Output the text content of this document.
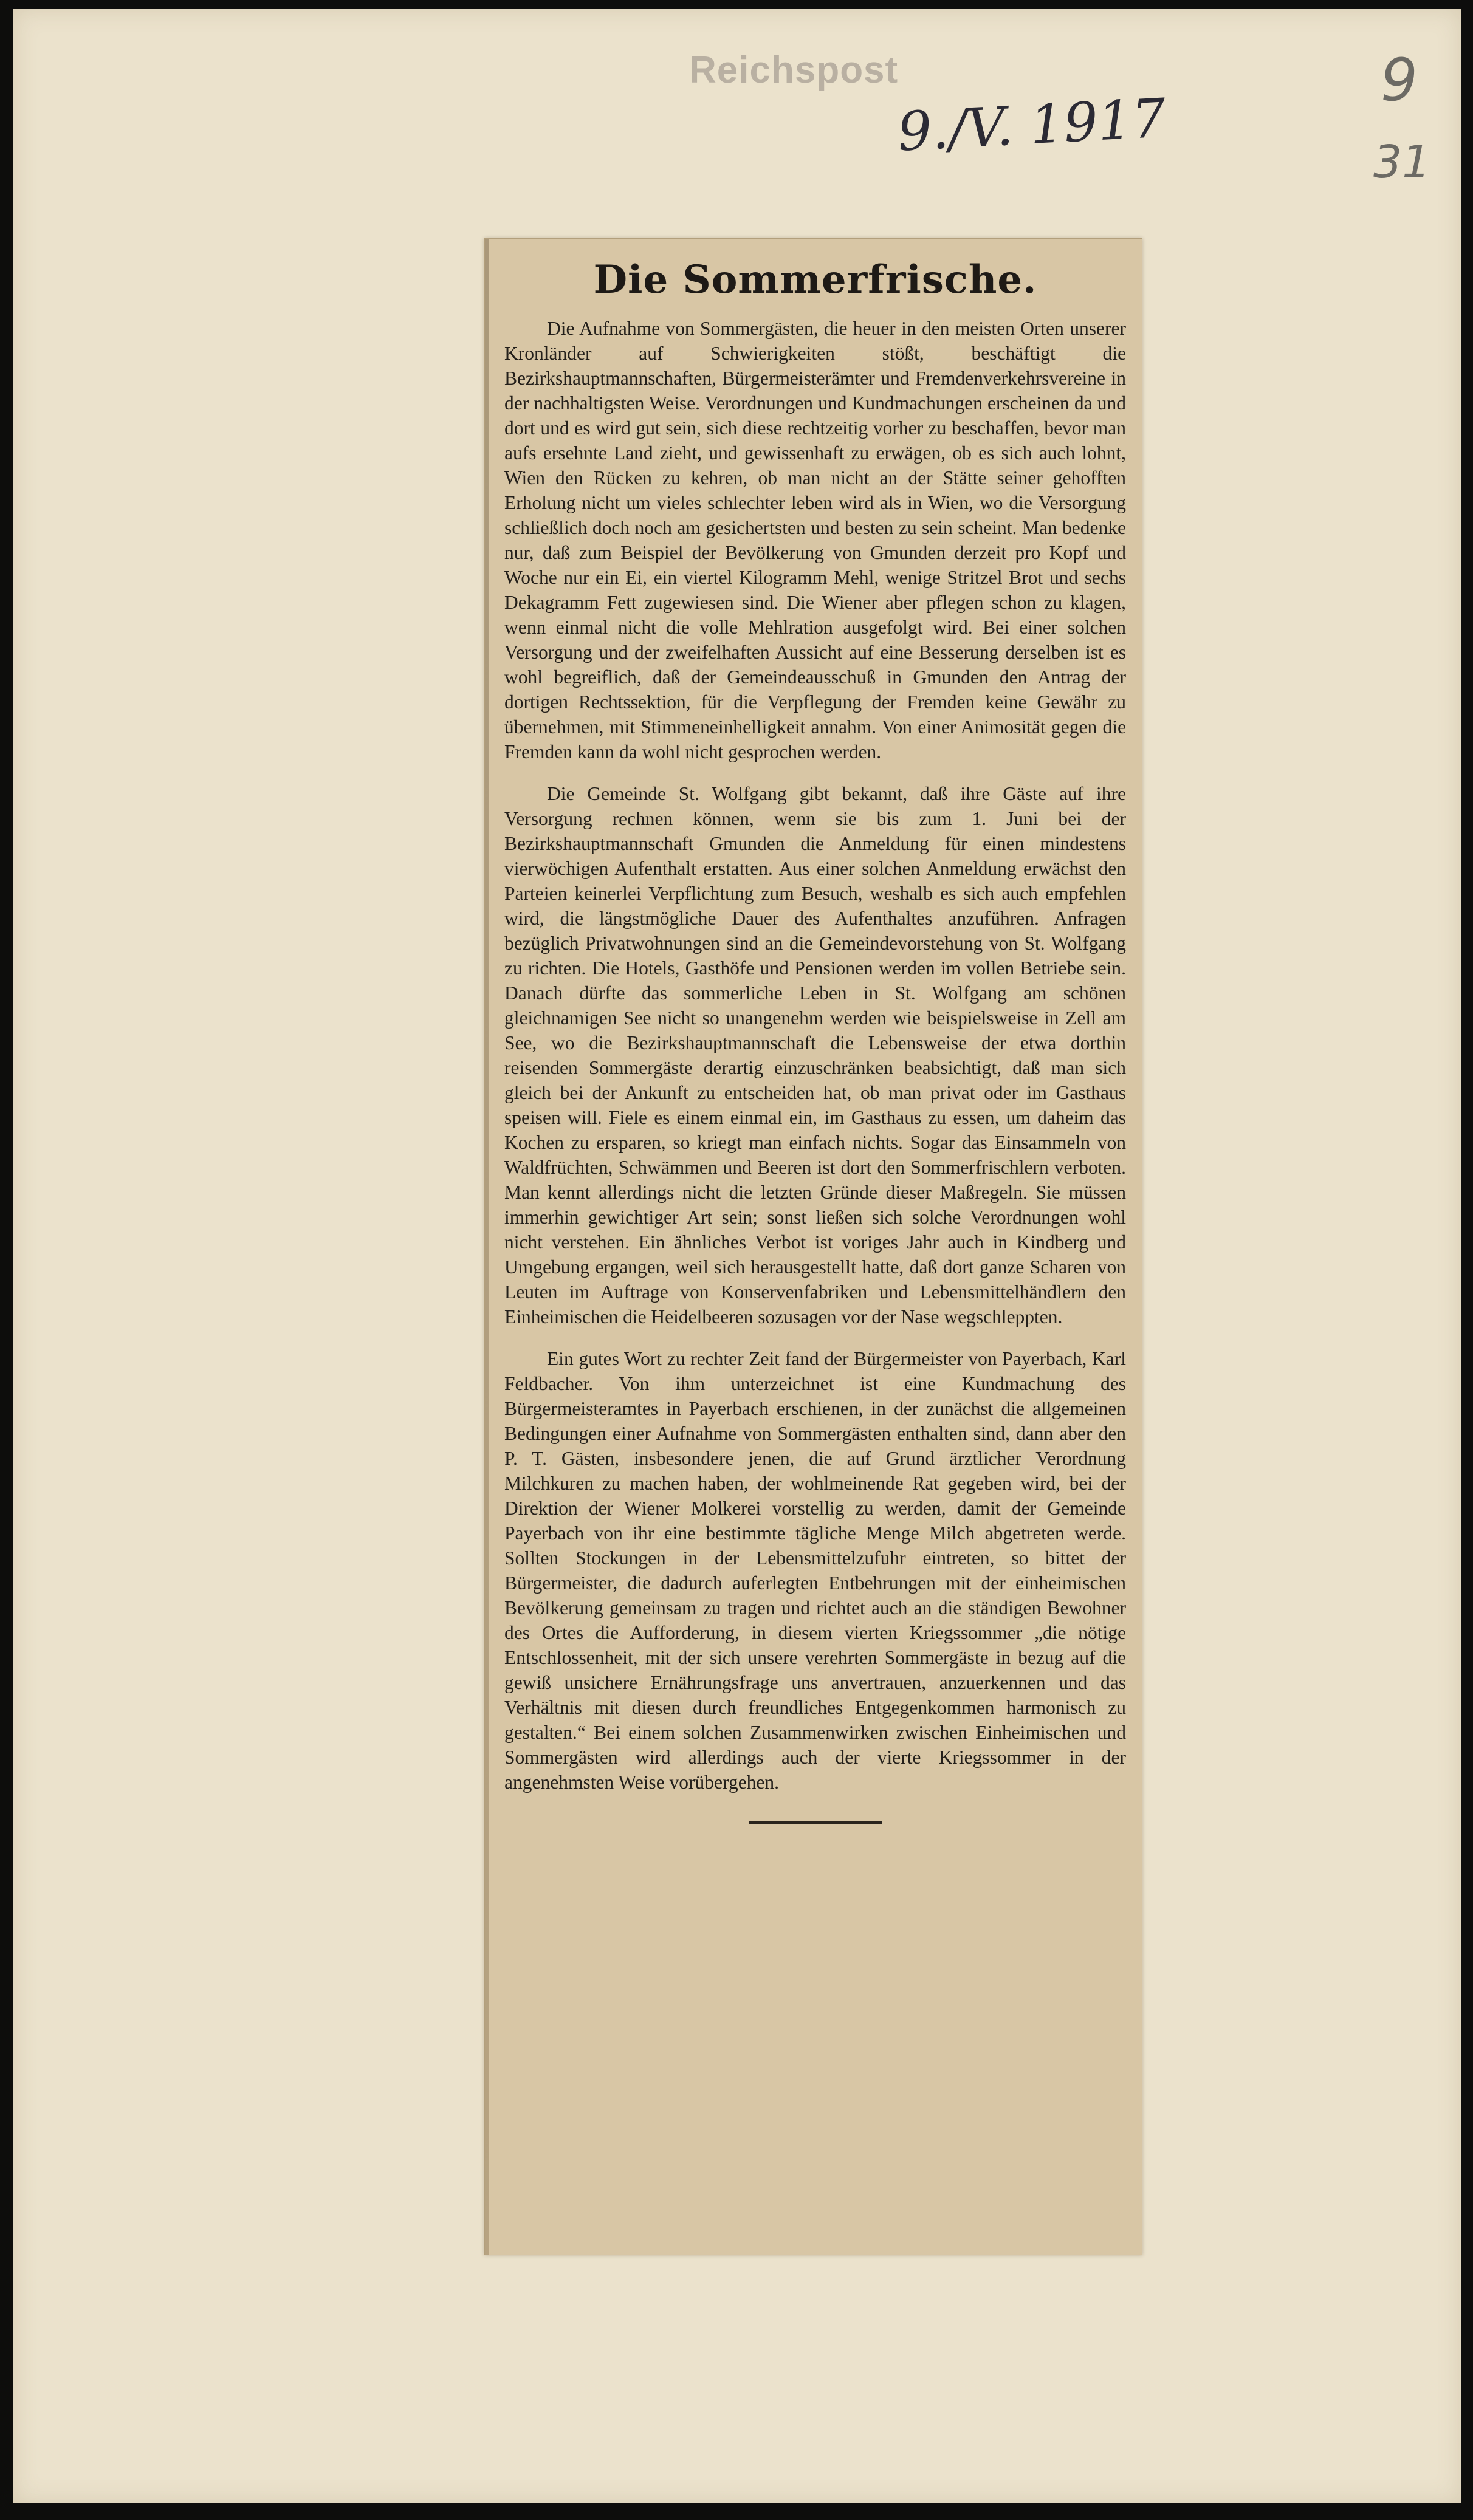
Reichspost
9./V. 1917
9
31
Die Sommerfrische.

Die Aufnahme von Sommergästen, die heuer in den meisten Orten unserer Kronländer auf Schwierigkeiten stößt, beschäftigt die Bezirkshauptmannschaften, Bürgermeisterämter und Fremdenverkehrsvereine in der nachhaltigsten Weise. Verordnungen und Kundmachungen erscheinen da und dort und es wird gut sein, sich diese rechtzeitig vorher zu beschaffen, bevor man aufs ersehnte Land zieht, und gewissenhaft zu erwägen, ob es sich auch lohnt, Wien den Rücken zu kehren, ob man nicht an der Stätte seiner gehofften Erholung nicht um vieles schlechter leben wird als in Wien, wo die Versorgung schließlich doch noch am gesichertsten und besten zu sein scheint. Man bedenke nur, daß zum Beispiel der Bevölkerung von Gmunden derzeit pro Kopf und Woche nur ein Ei, ein viertel Kilogramm Mehl, wenige Stritzel Brot und sechs Dekagramm Fett zugewiesen sind. Die Wiener aber pflegen schon zu klagen, wenn einmal nicht die volle Mehlration ausgefolgt wird. Bei einer solchen Versorgung und der zweifelhaften Aussicht auf eine Besserung derselben ist es wohl begreiflich, daß der Gemeindeausschuß in Gmunden den Antrag der dortigen Rechtssektion, für die Verpflegung der Fremden keine Gewähr zu übernehmen, mit Stimmeneinhelligkeit annahm. Von einer Animosität gegen die Fremden kann da wohl nicht gesprochen werden.

Die Gemeinde St. Wolfgang gibt bekannt, daß ihre Gäste auf ihre Versorgung rechnen können, wenn sie bis zum 1. Juni bei der Bezirkshauptmannschaft Gmunden die Anmeldung für einen mindestens vierwöchigen Aufenthalt erstatten. Aus einer solchen Anmeldung erwächst den Parteien keinerlei Verpflichtung zum Besuch, weshalb es sich auch empfehlen wird, die längstmögliche Dauer des Aufenthaltes anzuführen. Anfragen bezüglich Privatwohnungen sind an die Gemeindevorstehung von St. Wolfgang zu richten. Die Hotels, Gasthöfe und Pensionen werden im vollen Betriebe sein. Danach dürfte das sommerliche Leben in St. Wolfgang am schönen gleichnamigen See nicht so unangenehm werden wie beispielsweise in Zell am See, wo die Bezirkshauptmannschaft die Lebensweise der etwa dorthin reisenden Sommergäste derartig einzuschränken beabsichtigt, daß man sich gleich bei der Ankunft zu entscheiden hat, ob man privat oder im Gasthaus speisen will. Fiele es einem einmal ein, im Gasthaus zu essen, um daheim das Kochen zu ersparen, so kriegt man einfach nichts. Sogar das Einsammeln von Waldfrüchten, Schwämmen und Beeren ist dort den Sommerfrischlern verboten. Man kennt allerdings nicht die letzten Gründe dieser Maßregeln. Sie müssen immerhin gewichtiger Art sein; sonst ließen sich solche Verordnungen wohl nicht verstehen. Ein ähnliches Verbot ist voriges Jahr auch in Kindberg und Umgebung ergangen, weil sich herausgestellt hatte, daß dort ganze Scharen von Leuten im Auftrage von Konservenfabriken und Lebensmittelhändlern den Einheimischen die Heidelbeeren sozusagen vor der Nase wegschleppten.

Ein gutes Wort zu rechter Zeit fand der Bürgermeister von Payerbach, Karl Feldbacher. Von ihm unterzeichnet ist eine Kundmachung des Bürgermeisteramtes in Payerbach erschienen, in der zunächst die allgemeinen Bedingungen einer Aufnahme von Sommergästen enthalten sind, dann aber den P. T. Gästen, insbesondere jenen, die auf Grund ärztlicher Verordnung Milchkuren zu machen haben, der wohlmeinende Rat gegeben wird, bei der Direktion der Wiener Molkerei vorstellig zu werden, damit der Gemeinde Payerbach von ihr eine bestimmte tägliche Menge Milch abgetreten werde. Sollten Stockungen in der Lebensmittelzufuhr eintreten, so bittet der Bürgermeister, die dadurch auferlegten Entbehrungen mit der einheimischen Bevölkerung gemeinsam zu tragen und richtet auch an die ständigen Bewohner des Ortes die Aufforderung, in diesem vierten Kriegssommer „die nötige Entschlossenheit, mit der sich unsere verehrten Sommergäste in bezug auf die gewiß unsichere Ernährungsfrage uns anvertrauen, anzuerkennen und das Verhältnis mit diesen durch freundliches Entgegenkommen harmonisch zu gestalten.“ Bei einem solchen Zusammenwirken zwischen Einheimischen und Sommergästen wird allerdings auch der vierte Kriegssommer in der angenehmsten Weise vorübergehen.
